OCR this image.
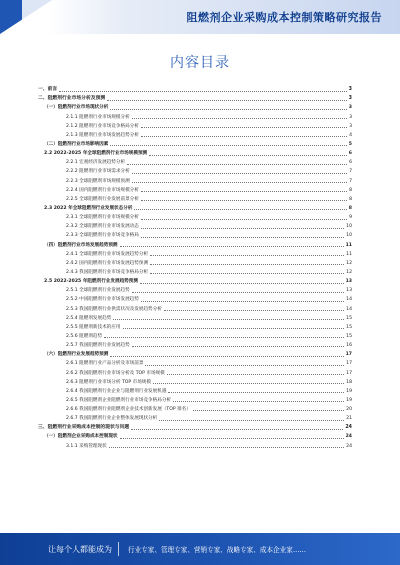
阻燃剂企业采购成本控制策略研究报告
内容目录
一、前言	3
二、阻燃剂行业市场分析及预测	3
（一）阻燃剂行业市场现状分析	3
2.1.1 阻燃剂行业市场规模分析	3
2.1.2 阻燃剂行业市场竞争格局分析	3
2.1.3 阻燃剂行业市场发展趋势分析	4
（二）阻燃剂行业市场影响因素	5
2.2 2022-2025 年全球阻燃剂行业市场规模预测	6
2.2.1 宏观经济发展趋势分析	6
2.2.2 阻燃剂行业市场需求分析	7
2.2.3 全球阻燃剂市场规模预测	7
2.2.4 国内阻燃剂行业市场规模分析	8
2.2.5 全球阻燃剂行业发展前景分析	8
2.3 2022 年全球阻燃剂行业发展状态分析	8
2.3.1 全球阻燃剂行业市场规模分析	9
2.3.2 全球阻燃剂行业市场发展动态	10
2.3.3 全球阻燃剂行业市场竞争格局	10
（四）阻燃剂行业市场发展趋势预测	11
2.4.1 全球阻燃剂行业市场发展趋势分析	11
2.4.2 国内阻燃剂行业市场发展趋势预测	12
2.4.3 我国阻燃剂行业市场竞争格局分析	12
2.5 2022-2025 年阻燃剂行业发展趋势预测	13
2.5.1 全球阻燃剂行业发展趋势	13
2.5.2 中国阻燃剂行业市场发展趋势	14
2.5.3 我国阻燃剂行业供需状况及发展趋势分析	14
2.5.4 阻燃剂发展趋势	15
2.5.5 阻燃剂新技术的应用	15
2.5.6 阻燃剂趋势	15
2.5.7 我国阻燃剂行业发展趋势	16
（六）阻燃剂行业发展趋势预测	17
2.6.1 阻燃剂行业产品分析及市场前景	17
2.6.2 我国阻燃剂行业市场分析及 TOP 市场规模	17
2.6.3 阻燃剂行业市场分析 TOP 市场规模	18
2.6.4 我国阻燃剂行业企业与阻燃剂行业发展机遇	19
2.6.5 我国阻燃剂企业阻燃剂行业市场竞争格局分析	19
2.6.6 我国阻燃剂行业阻燃剂企业技术创新发展（TOP 排名）	20
2.6.7 我国阻燃剂行业企业整体发展现状分析	21
三、阻燃剂行业采购成本控制的现状与问题	24
（一）阻燃剂企业采购成本控制现状	24
3.1.1 采购管理现状	24
让每个人都能成为 行业专家、管理专家、营销专家、战略专家、成本企业家……
